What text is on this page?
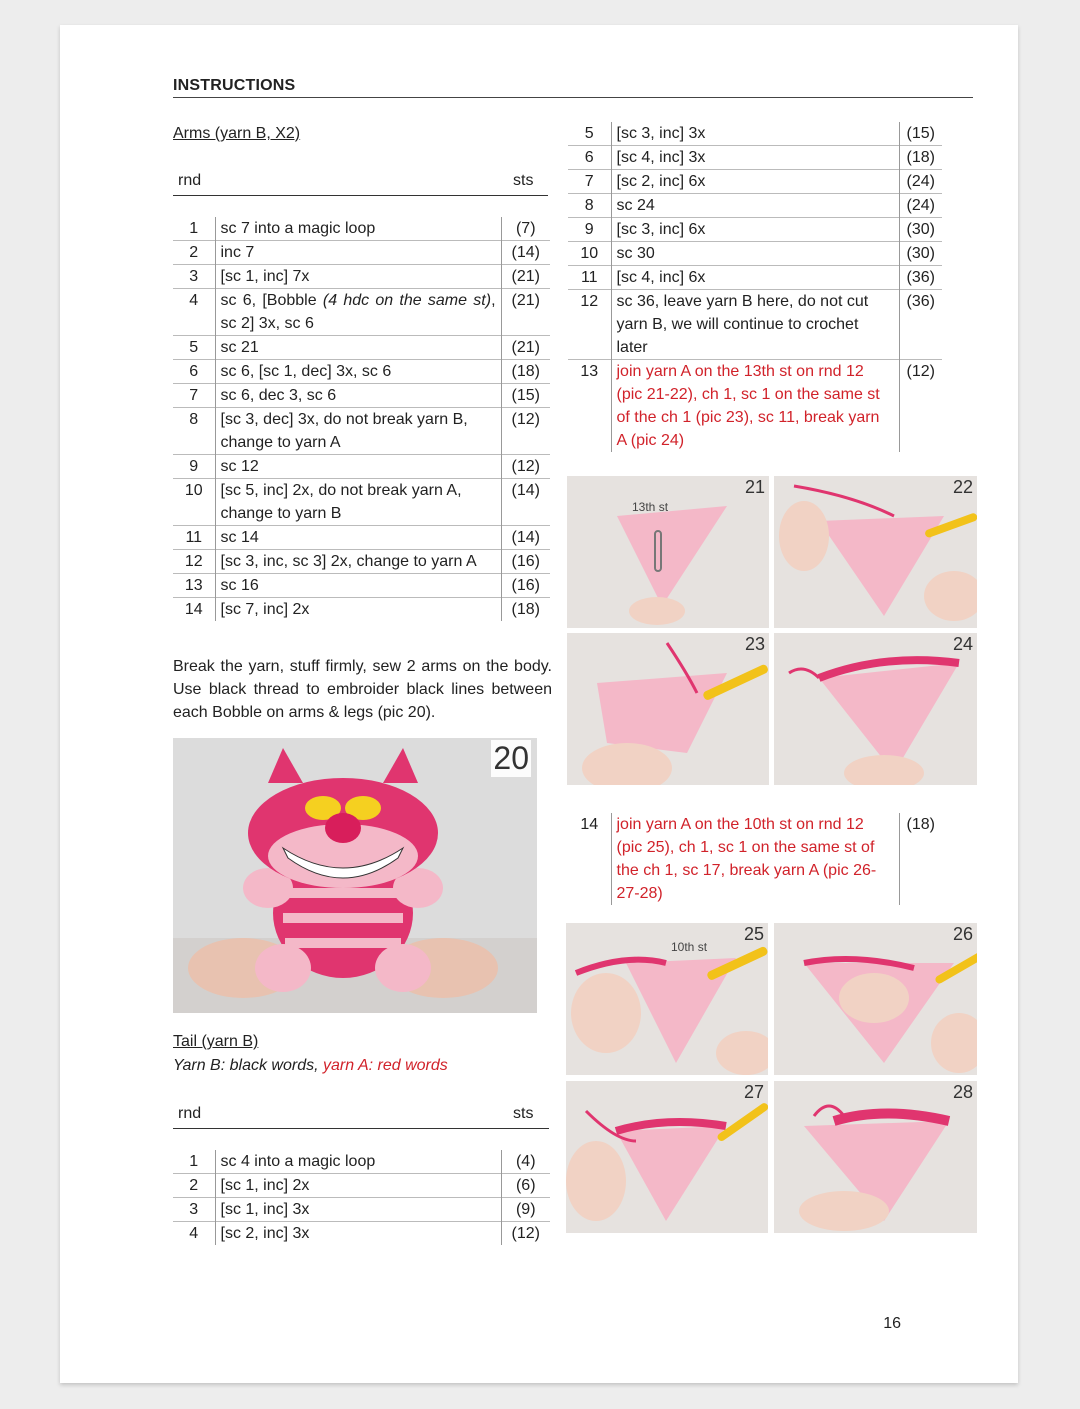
INSTRUCTIONS
Arms (yarn B, X2)
rnd	sts
1	sc 7 into a magic loop	(7)
2	inc 7	(14)
3	[sc 1, inc] 7x	(21)
4	sc 6, [Bobble (4 hdc on the same st), sc 2] 3x, sc 6	(21)
5	sc 21	(21)
6	sc 6, [sc 1, dec] 3x, sc 6	(18)
7	sc 6, dec 3, sc 6	(15)
8	[sc 3, dec] 3x, do not break yarn B, change to yarn A	(12)
9	sc 12	(12)
10	[sc 5, inc] 2x, do not break yarn A, change to yarn B	(14)
11	sc 14	(14)
12	[sc 3, inc, sc 3] 2x, change to yarn A	(16)
13	sc 16	(16)
14	[sc 7, inc] 2x	(18)
Break the yarn, stuff firmly, sew 2 arms on the body. Use black thread to embroider black lines between each Bobble on arms & legs (pic 20).
20
Tail (yarn B)
Yarn B: black words, yarn A: red words
rnd	sts
1	sc 4 into a magic loop	(4)
2	[sc 1, inc] 2x	(6)
3	[sc 1, inc] 3x	(9)
4	[sc 2, inc] 3x	(12)
5	[sc 3, inc] 3x	(15)
6	[sc 4, inc] 3x	(18)
7	[sc 2, inc] 6x	(24)
8	sc 24	(24)
9	[sc 3, inc] 6x	(30)
10	sc 30	(30)
11	[sc 4, inc] 6x	(36)
12	sc 36, leave yarn B here, do not cut yarn B, we will continue to crochet later	(36)
13	join yarn A on the 13th st on rnd 12 (pic 21-22), ch 1, sc 1 on the same st of the ch 1 (pic 23), sc 11, break yarn A (pic 24)	(12)
21
13th st
22
23	24
14	join yarn A on the 10th st on rnd 12 (pic 25), ch 1, sc 1 on the same st of the ch 1, sc 17, break yarn A (pic 26-27-28)	(18)
25
10th st
26
27	28
16
